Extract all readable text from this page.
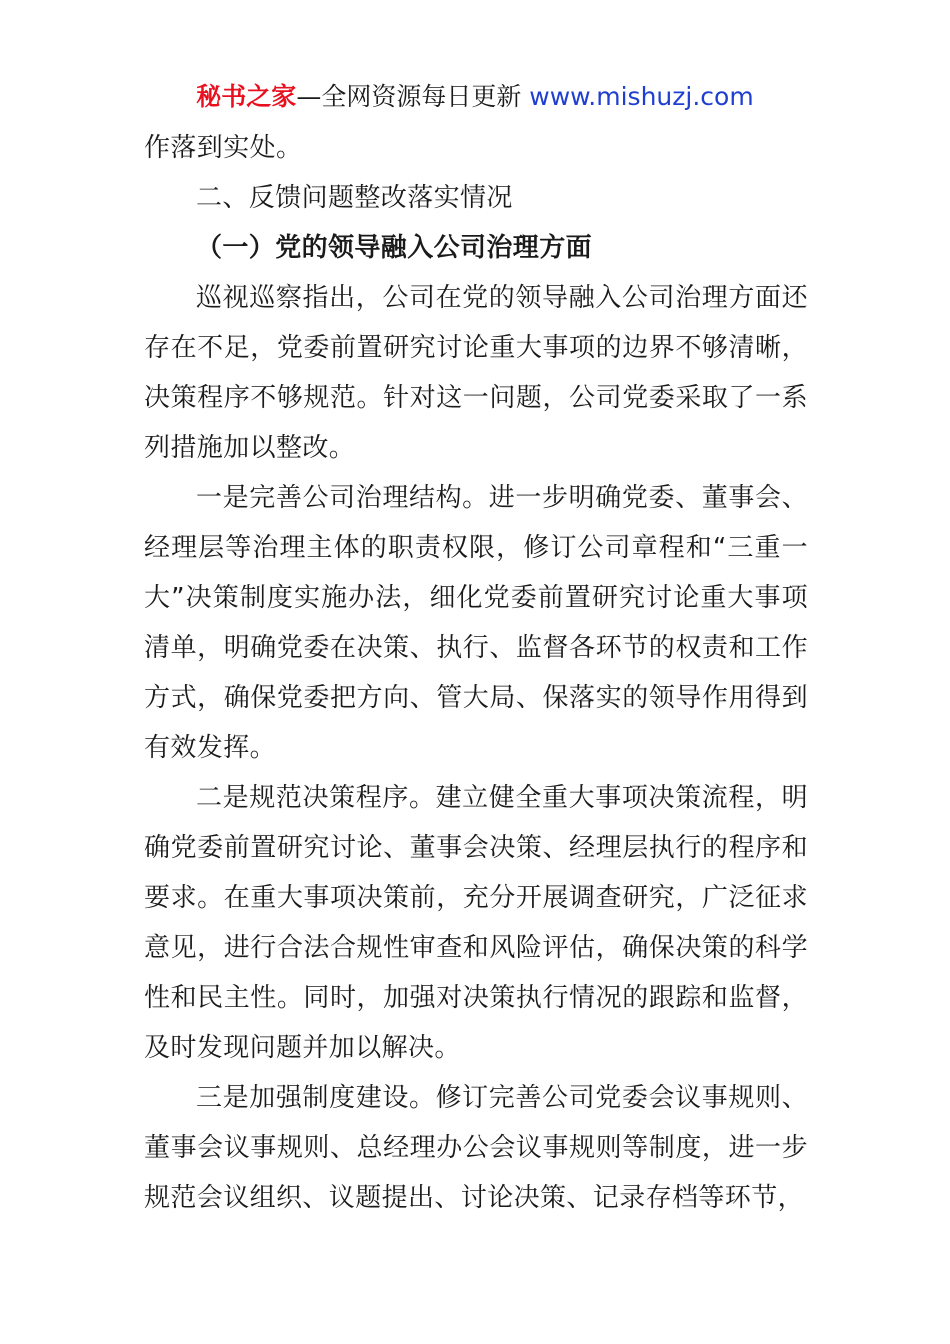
秘书之家—全网资源每日更新 www.mishuzj.com

作落到实处。

二、反馈问题整改落实情况

（一）党的领导融入公司治理方面

巡视巡察指出，公司在党的领导融入公司治理方面还存在不足，党委前置研究讨论重大事项的边界不够清晰，决策程序不够规范。针对这一问题，公司党委采取了一系列措施加以整改。

一是完善公司治理结构。进一步明确党委、董事会、经理层等治理主体的职责权限，修订公司章程和“三重一大”决策制度实施办法，细化党委前置研究讨论重大事项清单，明确党委在决策、执行、监督各环节的权责和工作方式，确保党委把方向、管大局、保落实的领导作用得到有效发挥。

二是规范决策程序。建立健全重大事项决策流程，明确党委前置研究讨论、董事会决策、经理层执行的程序和要求。在重大事项决策前，充分开展调查研究，广泛征求意见，进行合法合规性审查和风险评估，确保决策的科学性和民主性。同时，加强对决策执行情况的跟踪和监督，及时发现问题并加以解决。

三是加强制度建设。修订完善公司党委会议事规则、董事会议事规则、总经理办公会议事规则等制度，进一步规范会议组织、议题提出、讨论决策、记录存档等环节，
